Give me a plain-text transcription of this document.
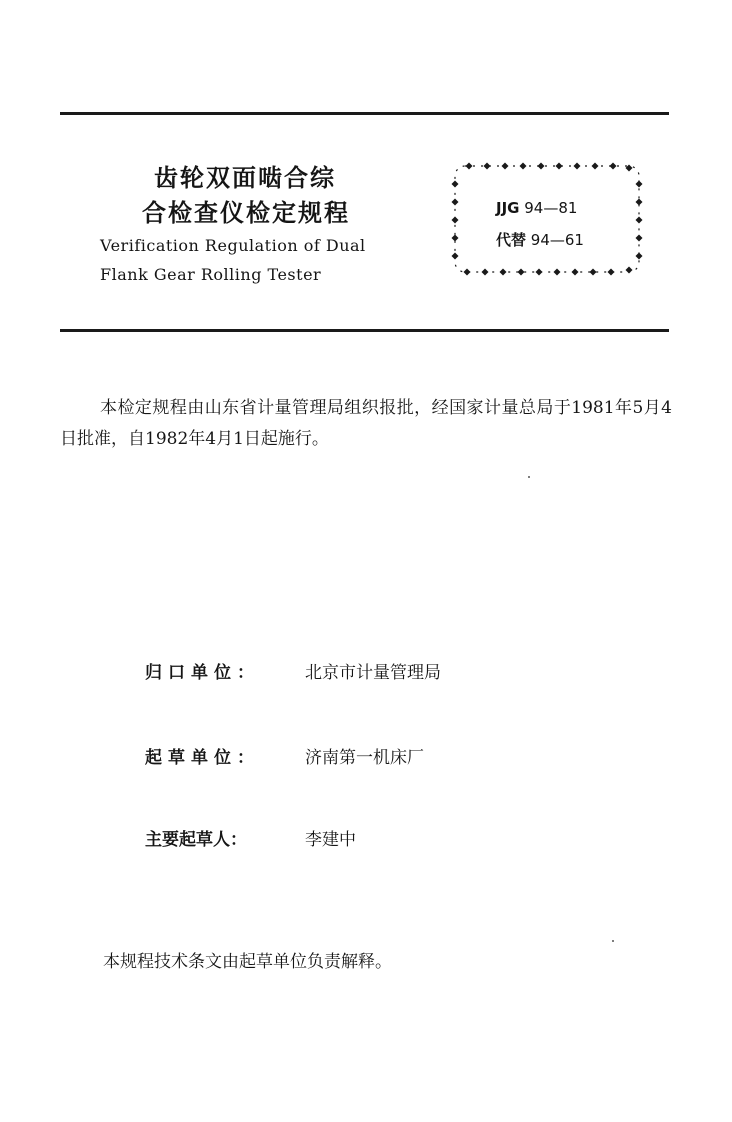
齿轮双面啮合综
合检查仪检定规程
Verification Regulation of Dual
Flank Gear Rolling Tester
JJG 94—81
代替 94—61
本检定规程由山东省计量管理局组织报批，经国家计量总局于1981年5月4日批准，自1982年4月1日起施行。
归口单位：	北京市计量管理局
起草单位：	济南第一机床厂
主要起草人：	李建中
本规程技术条文由起草单位负责解释。
